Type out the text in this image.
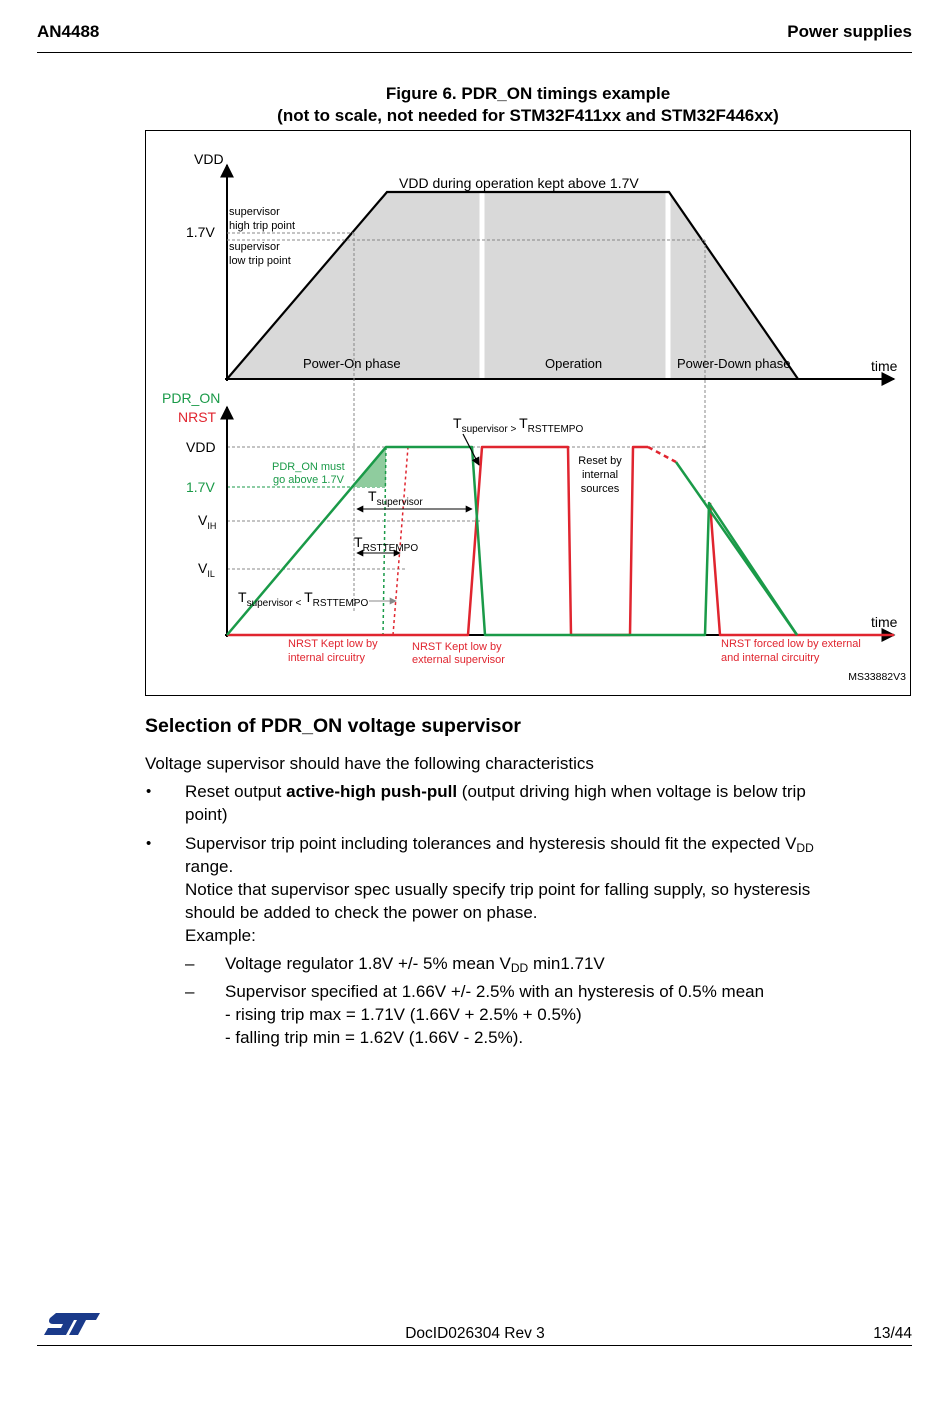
AN4488	Power supplies
Figure 6. PDR_ON timings example
(not to scale, not needed for STM32F411xx and STM32F446xx)
VDD
1.7V
supervisor
high trip point
supervisor
low trip point
VDD during operation kept above 1.7V
Power-On phase	Operation	Power-Down phase	time
PDR_ON
NRST
VDD
1.7V
$V_{IH}$
$V_{IL}$
time
PDR_ON must
go above 1.7V
$T_{supervisor}$
$T_{RSTTEMPO}$
$T_{supervisor} > T_{RSTTEMPO}$
$T_{supervisor} < T_{RSTTEMPO}$
Reset by
internal
sources
NRST Kept low by
internal circuitry
NRST Kept low by
external supervisor
NRST forced low by external
and internal circuitry
MS33882V3
Selection of PDR_ON voltage supervisor
Voltage supervisor should have the following characteristics
• Reset output active-high push-pull (output driving high when voltage is below trip
point)
• Supervisor trip point including tolerances and hysteresis should fit the expected $V_{DD}$
range.
Notice that supervisor spec usually specify trip point for falling supply, so hysteresis
should be added to check the power on phase.
Example:
– Voltage regulator 1.8V +/- 5% mean $V_{DD}$ min1.71V
– Supervisor specified at 1.66V +/- 2.5% with an hysteresis of 0.5% mean
- rising trip max = 1.71V (1.66V + 2.5% + 0.5%)
- falling trip min = 1.62V (1.66V - 2.5%).
DocID026304 Rev 3	13/44
